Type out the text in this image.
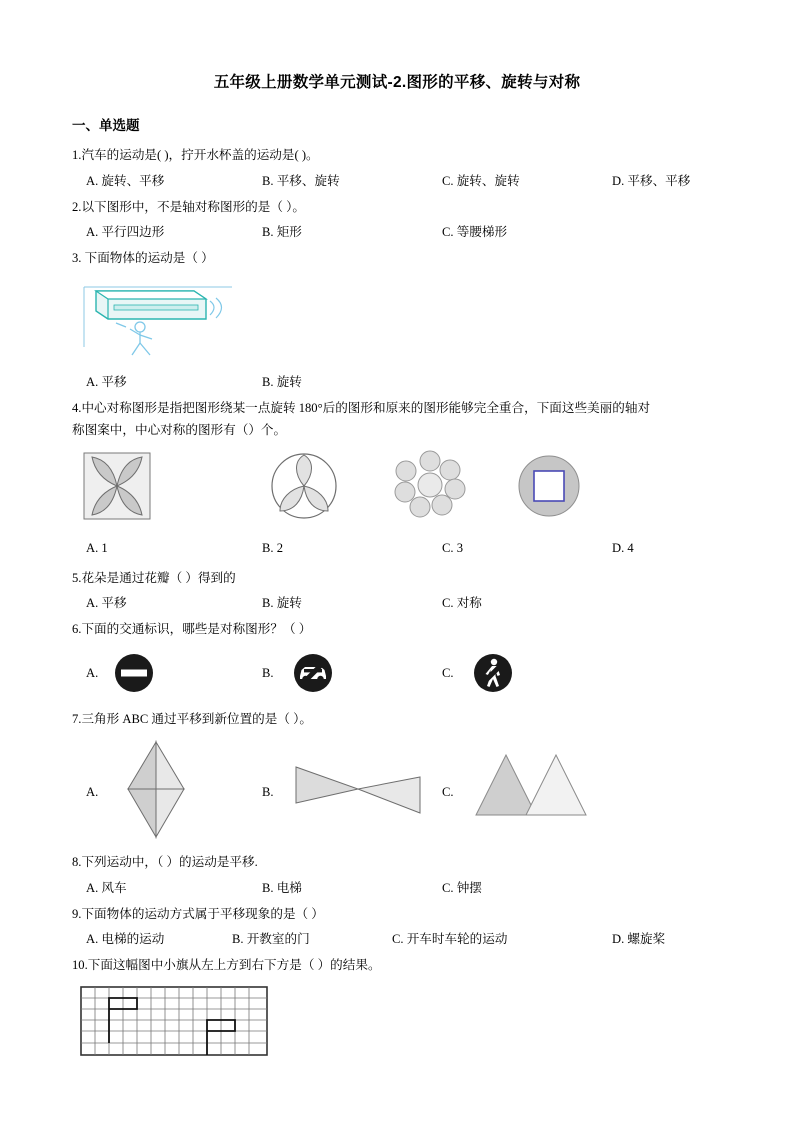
五年级上册数学单元测试-2.图形的平移、旋转与对称
一、单选题
1.汽车的运动是( )，拧开水杯盖的运动是( )。
A. 旋转、平移	B. 平移、旋转	C. 旋转、旋转	D. 平移、平移
2.以下图形中，不是轴对称图形的是（ ）。
A. 平行四边形	B. 矩形	C. 等腰梯形
3. 下面物体的运动是（ ）
A. 平移	B. 旋转
4.中心对称图形是指把图形绕某一点旋转 180°后的图形和原来的图形能够完全重合，下面这些美丽的轴对
称图案中，中心对称的图形有（）个。
A. 1	B. 2	C. 3	D. 4
5.花朵是通过花瓣（ ）得到的
A. 平移	B. 旋转	C. 对称
6.下面的交通标识，哪些是对称图形？（ ）
A.	B.	C.
7.三角形 ABC 通过平移到新位置的是（ ）。
A.	B.	C.
8.下列运动中，（ ）的运动是平移.
A. 风车	B. 电梯	C. 钟摆
9.下面物体的运动方式属于平移现象的是（ ）
A. 电梯的运动	B. 开教室的门	C. 开车时车轮的运动	D. 螺旋桨
10.下面这幅图中小旗从左上方到右下方是（ ）的结果。
